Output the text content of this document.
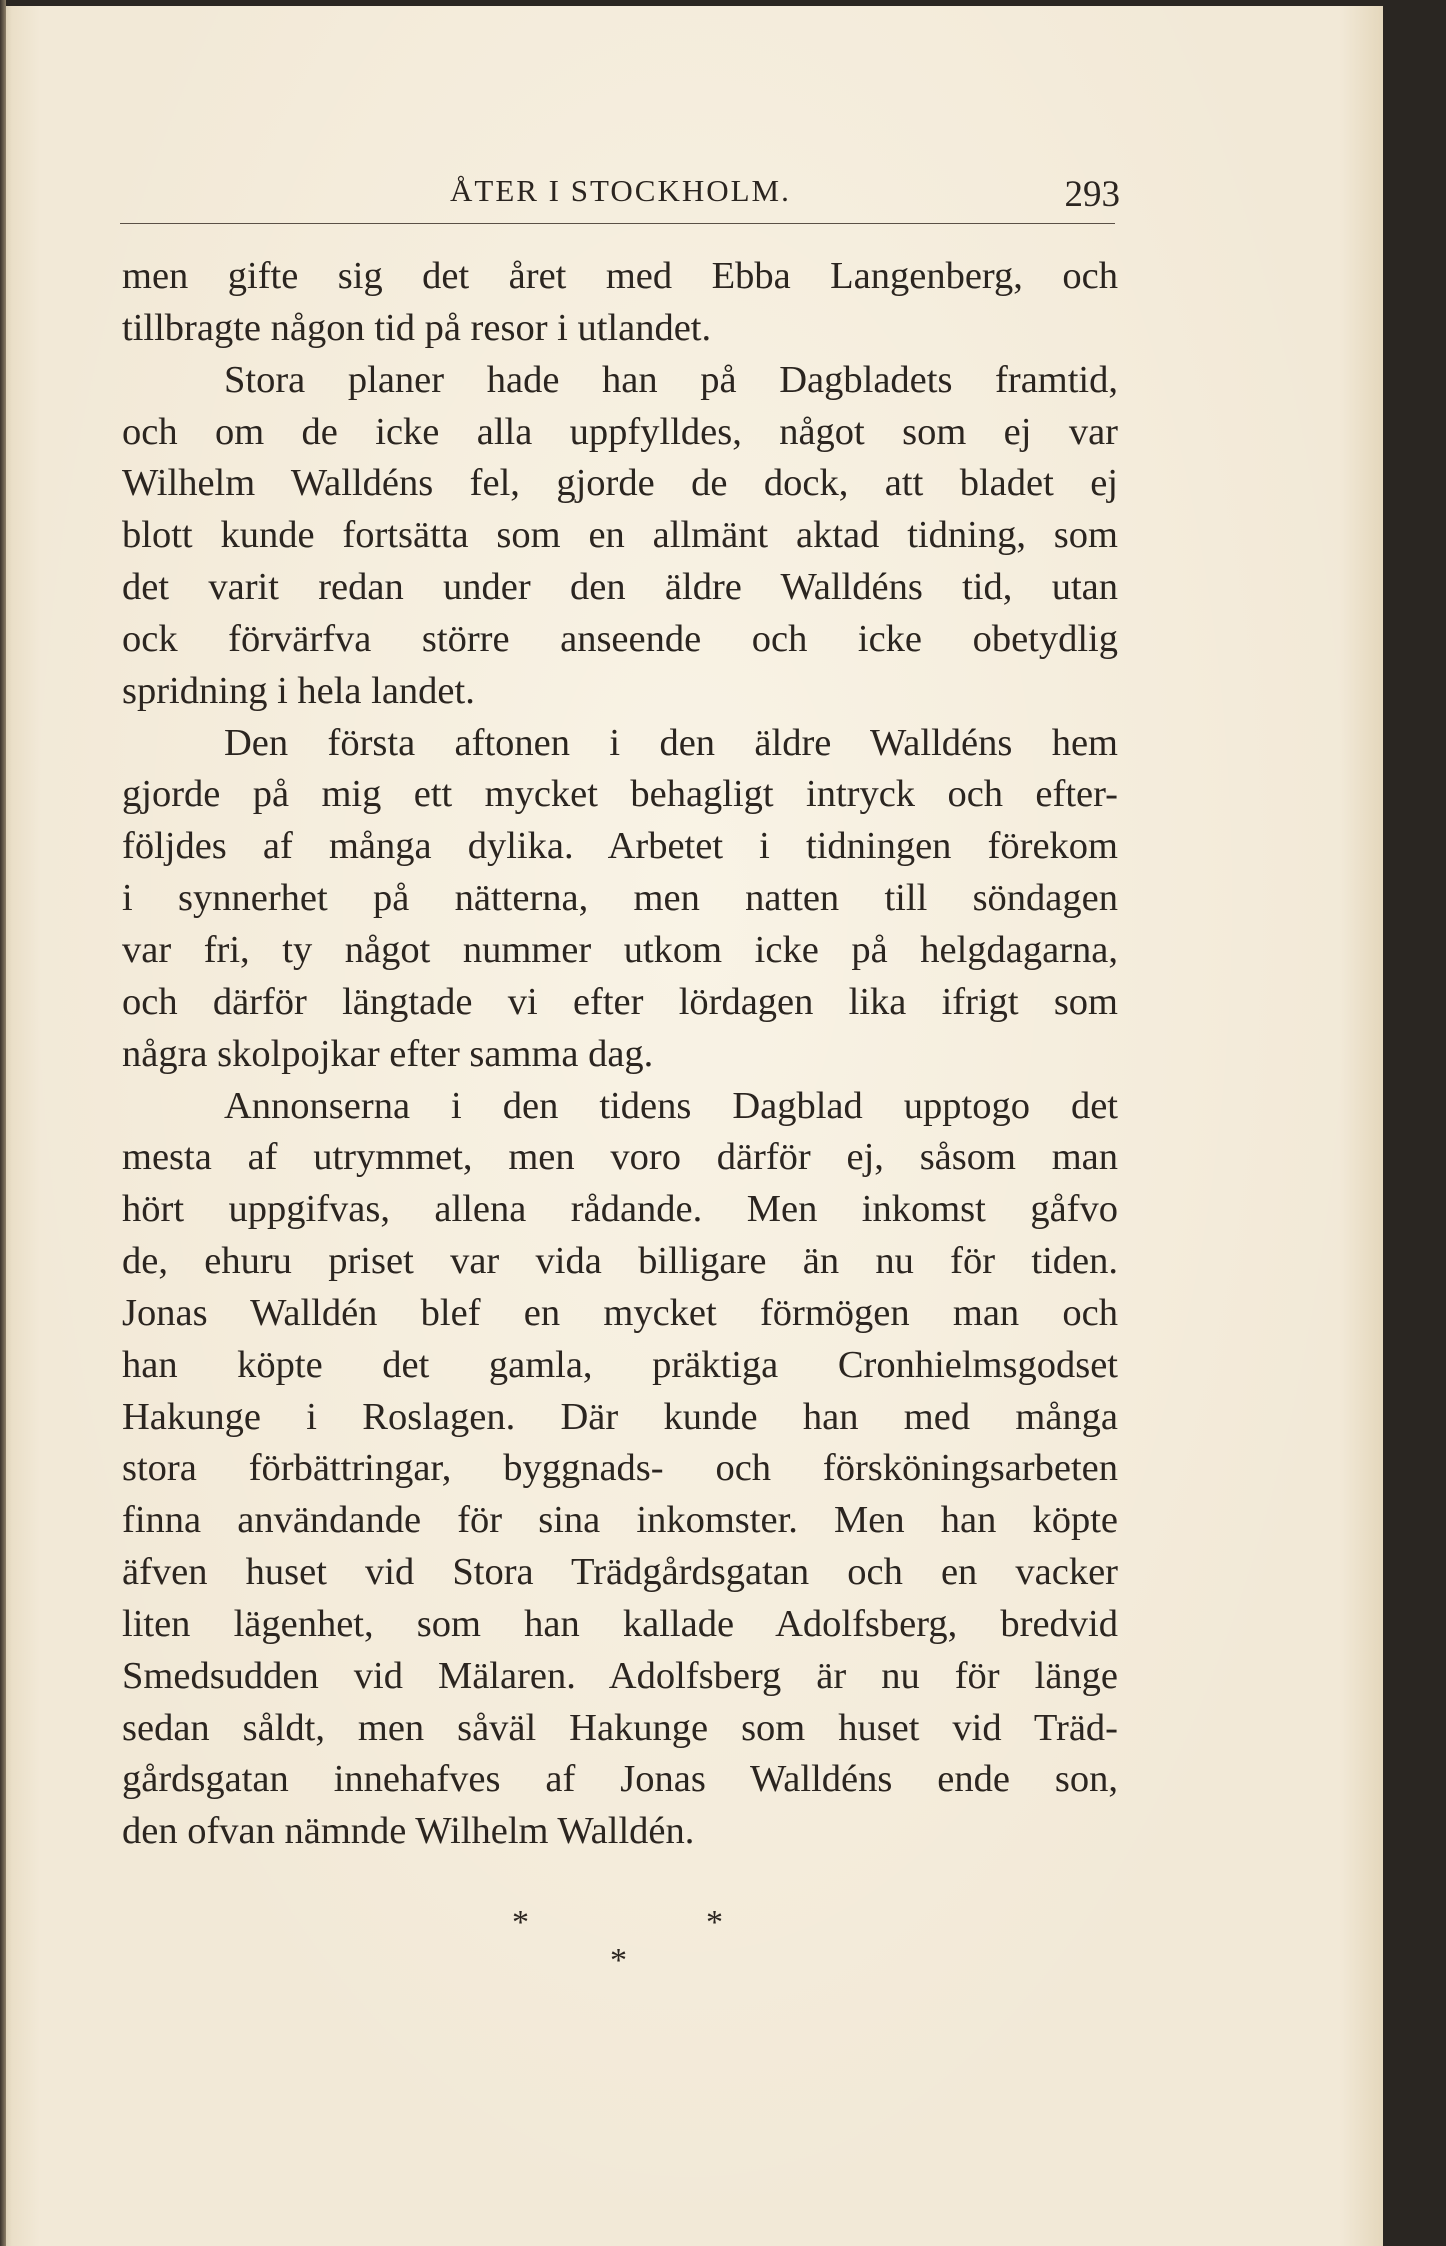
ÅTER I STOCKHOLM.	293
men gifte sig det året med Ebba Langenberg, och
tillbragte någon tid på resor i utlandet.
Stora planer hade han på Dagbladets framtid,
och om de icke alla uppfylldes, något som ej var
Wilhelm Walldéns fel, gjorde de dock, att bladet ej
blott kunde fortsätta som en allmänt aktad tidning, som
det varit redan under den äldre Walldéns tid, utan
ock förvärfva större anseende och icke obetydlig
spridning i hela landet.
Den första aftonen i den äldre Walldéns hem
gjorde på mig ett mycket behagligt intryck och efter-
följdes af många dylika. Arbetet i tidningen förekom
i synnerhet på nätterna, men natten till söndagen
var fri, ty något nummer utkom icke på helgdagarna,
och därför längtade vi efter lördagen lika ifrigt som
några skolpojkar efter samma dag.
Annonserna i den tidens Dagblad upptogo det
mesta af utrymmet, men voro därför ej, såsom man
hört uppgifvas, allena rådande. Men inkomst gåfvo
de, ehuru priset var vida billigare än nu för tiden.
Jonas Walldén blef en mycket förmögen man och
han köpte det gamla, präktiga Cronhielmsgodset
Hakunge i Roslagen. Där kunde han med många
stora förbättringar, byggnads- och försköningsarbeten
finna användande för sina inkomster. Men han köpte
äfven huset vid Stora Trädgårdsgatan och en vacker
liten lägenhet, som han kallade Adolfsberg, bredvid
Smedsudden vid Mälaren. Adolfsberg är nu för länge
sedan såldt, men såväl Hakunge som huset vid Träd-
gårdsgatan innehafves af Jonas Walldéns ende son,
den ofvan nämnde Wilhelm Walldén.
*	*
*
